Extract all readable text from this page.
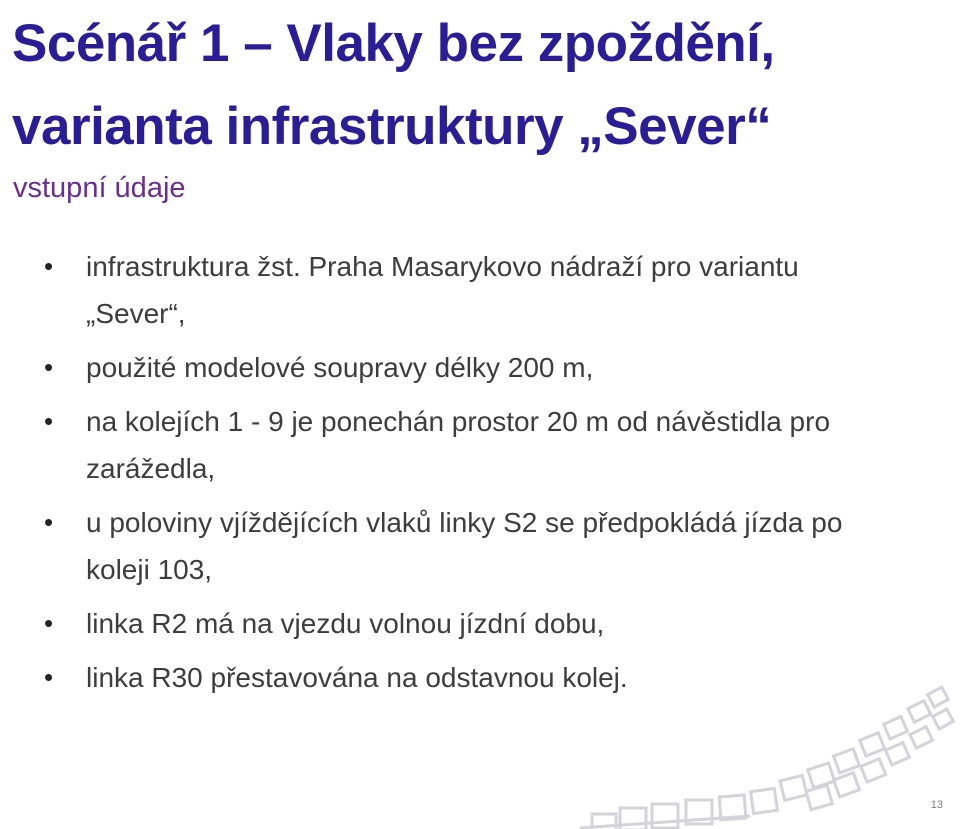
Scénář 1 – Vlaky bez zpoždění,
varianta infrastruktury „Sever“

vstupní údaje

• infrastruktura žst. Praha Masarykovo nádraží pro variantu „Sever“,
• použité modelové soupravy délky 200 m,
• na kolejích 1 - 9 je ponechán prostor 20 m od návěstidla pro zarážedla,
• u poloviny vjíždějících vlaků linky S2 se předpokládá jízda po koleji 103,
• linka R2 má na vjezdu volnou jízdní dobu,
• linka R30 přestavována na odstavnou kolej.
13
